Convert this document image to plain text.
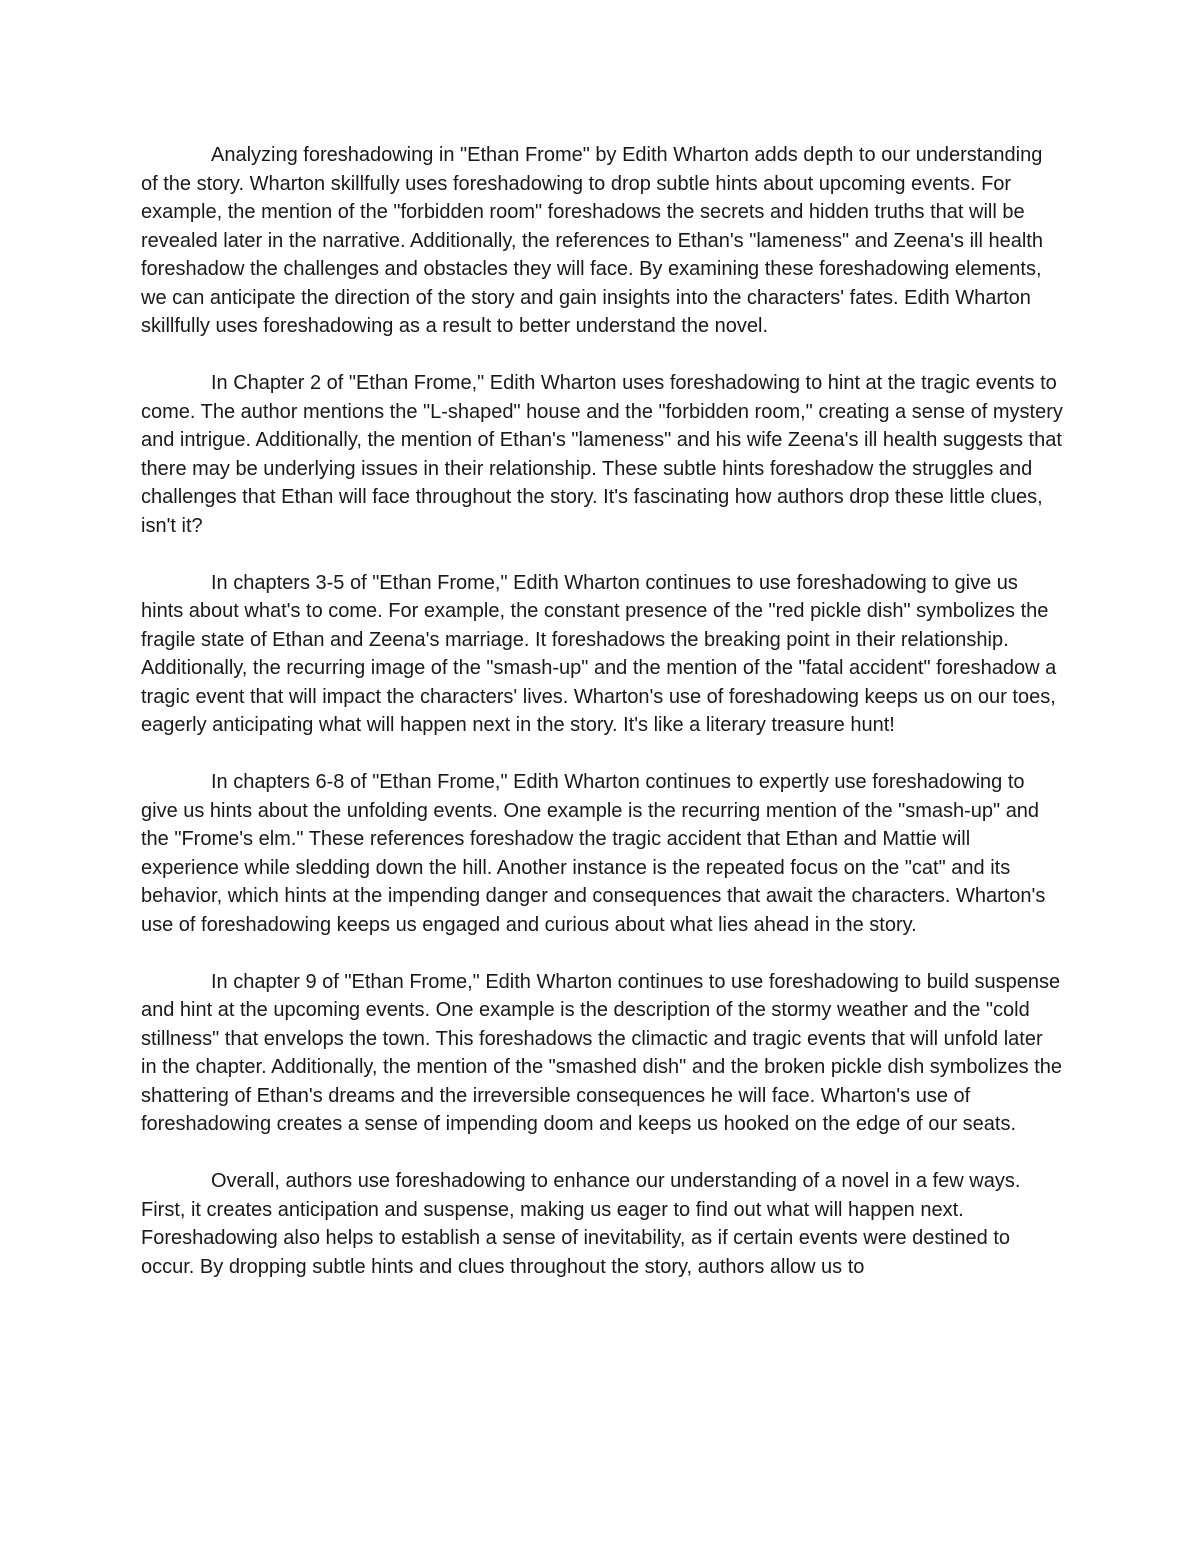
Analyzing foreshadowing in "Ethan Frome" by Edith Wharton adds depth to our understanding of the story. Wharton skillfully uses foreshadowing to drop subtle hints about upcoming events. For example, the mention of the "forbidden room" foreshadows the secrets and hidden truths that will be revealed later in the narrative. Additionally, the references to Ethan's "lameness" and Zeena's ill health foreshadow the challenges and obstacles they will face. By examining these foreshadowing elements, we can anticipate the direction of the story and gain insights into the characters' fates. Edith Wharton skillfully uses foreshadowing as a result to better understand the novel.

In Chapter 2 of "Ethan Frome," Edith Wharton uses foreshadowing to hint at the tragic events to come. The author mentions the "L-shaped" house and the "forbidden room," creating a sense of mystery and intrigue. Additionally, the mention of Ethan's "lameness" and his wife Zeena's ill health suggests that there may be underlying issues in their relationship. These subtle hints foreshadow the struggles and challenges that Ethan will face throughout the story. It's fascinating how authors drop these little clues, isn't it?

In chapters 3-5 of "Ethan Frome," Edith Wharton continues to use foreshadowing to give us hints about what's to come. For example, the constant presence of the "red pickle dish" symbolizes the fragile state of Ethan and Zeena's marriage. It foreshadows the breaking point in their relationship. Additionally, the recurring image of the "smash-up" and the mention of the "fatal accident" foreshadow a tragic event that will impact the characters' lives. Wharton's use of foreshadowing keeps us on our toes, eagerly anticipating what will happen next in the story. It's like a literary treasure hunt!

In chapters 6-8 of "Ethan Frome," Edith Wharton continues to expertly use foreshadowing to give us hints about the unfolding events. One example is the recurring mention of the "smash-up" and the "Frome's elm." These references foreshadow the tragic accident that Ethan and Mattie will experience while sledding down the hill. Another instance is the repeated focus on the "cat" and its behavior, which hints at the impending danger and consequences that await the characters. Wharton's use of foreshadowing keeps us engaged and curious about what lies ahead in the story.

In chapter 9 of "Ethan Frome," Edith Wharton continues to use foreshadowing to build suspense and hint at the upcoming events. One example is the description of the stormy weather and the "cold stillness" that envelops the town. This foreshadows the climactic and tragic events that will unfold later in the chapter. Additionally, the mention of the "smashed dish" and the broken pickle dish symbolizes the shattering of Ethan's dreams and the irreversible consequences he will face. Wharton's use of foreshadowing creates a sense of impending doom and keeps us hooked on the edge of our seats.

Overall, authors use foreshadowing to enhance our understanding of a novel in a few ways. First, it creates anticipation and suspense, making us eager to find out what will happen next. Foreshadowing also helps to establish a sense of inevitability, as if certain events were destined to occur. By dropping subtle hints and clues throughout the story, authors allow us to
